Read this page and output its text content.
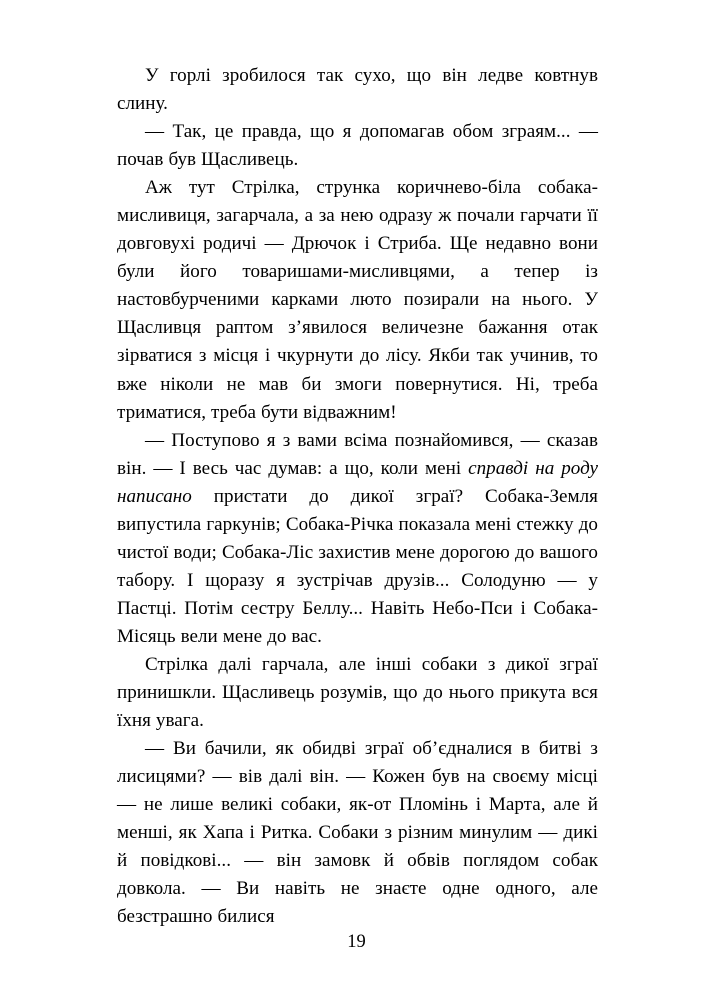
У горлі зробилося так сухо, що він ледве ковтнув слину.

— Так, це правда, що я допомагав обом зграям... — почав був Щасливець.

Аж тут Стрілка, струнка коричнево-біла собака-мисливиця, загарчала, а за нею одразу ж почали гарчати її довговухі родичі — Дрючок і Стриба. Ще недавно вони були його товаришами-мисливцями, а тепер із настовбурченими карками люто позирали на нього. У Щасливця раптом з’явилося величезне бажання отак зірватися з місця і чкурнути до лісу. Якби так учинив, то вже ніколи не мав би змоги повернутися. Ні, треба триматися, треба бути відважним!

— Поступово я з вами всіма познайомився, — сказав він. — І весь час думав: а що, коли мені справді на роду написано пристати до дикої зграї? Собака-Земля випустила гаркунів; Собака-Річка показала мені стежку до чистої води; Собака-Ліс захистив мене дорогою до вашого табору. І щоразу я зустрічав друзів... Солодуню — у Пастці. Потім сестру Беллу... Навіть Небо-Пси і Собака-Місяць вели мене до вас.

Стрілка далі гарчала, але інші собаки з дикої зграї принишкли. Щасливець розумів, що до нього прикута вся їхня увага.

— Ви бачили, як обидві зграї об’єдналися в битві з лисицями? — вів далі він. — Кожен був на своєму місці — не лише великі собаки, як-от Пломінь і Марта, але й менші, як Хапа і Ритка. Собаки з різним минулим — дикі й повідкові... — він замовк й обвів поглядом собак довкола. — Ви навіть не знаєте одне одного, але безстрашно билися

19
